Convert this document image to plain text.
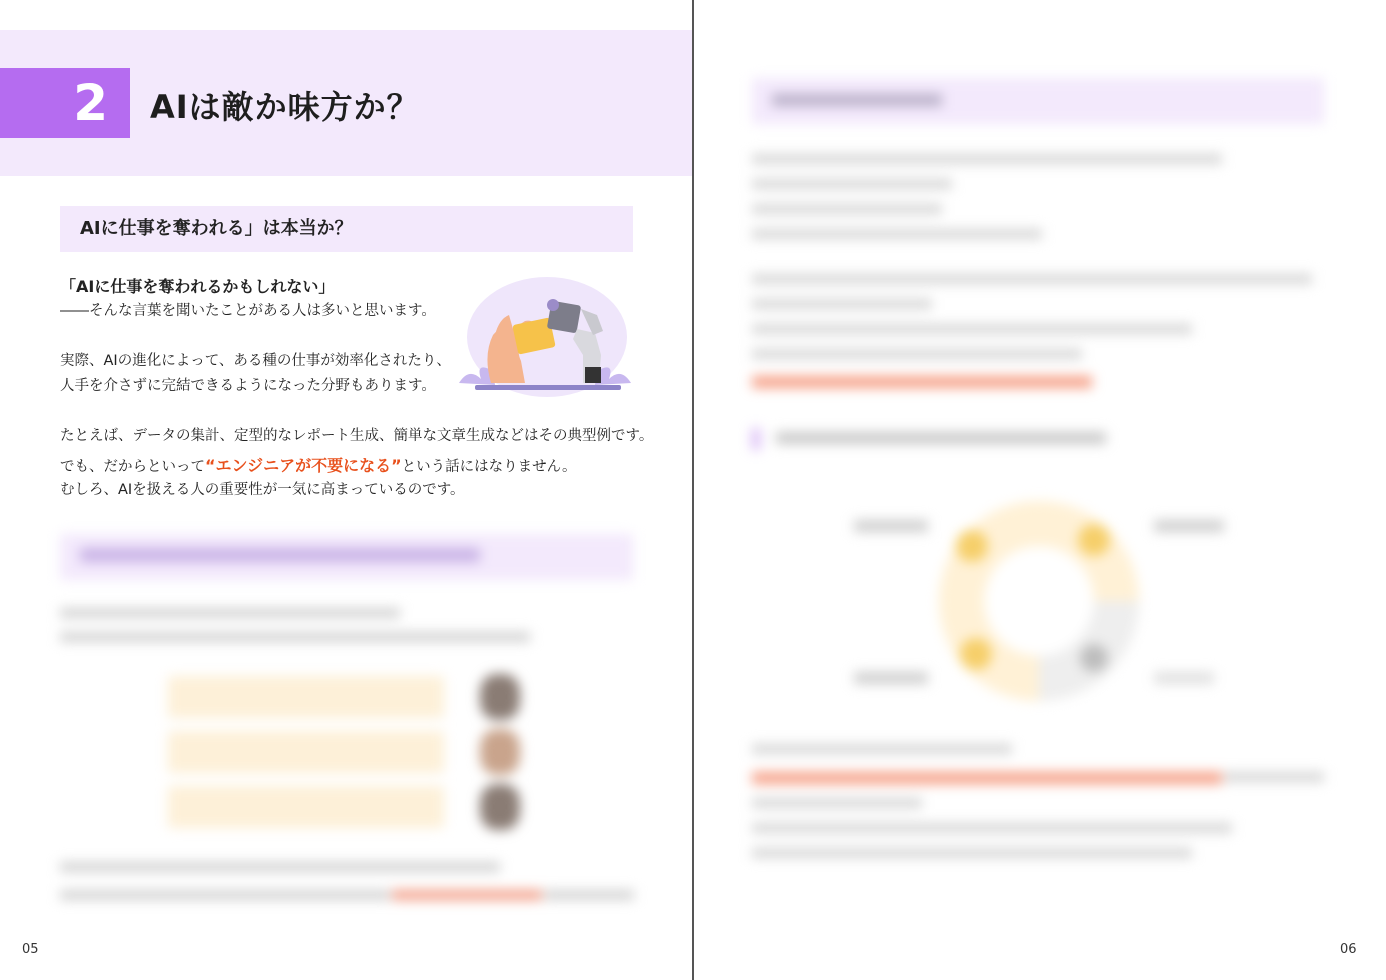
2	AIは敵か味方か？
AIに仕事を奪われる」は本当か？
「AIに仕事を奪われるかもしれない」
――そんな言葉を聞いたことがある人は多いと思います。
実際、AIの進化によって、ある種の仕事が効率化されたり、
人手を介さずに完結できるようになった分野もあります。
たとえば、データの集計、定型的なレポート生成、簡単な文章生成などはその典型例です。
でも、だからといって“エンジニアが不要になる”という話にはなりません。
むしろ、AIを扱える人の重要性が一気に高まっているのです。
05	06
